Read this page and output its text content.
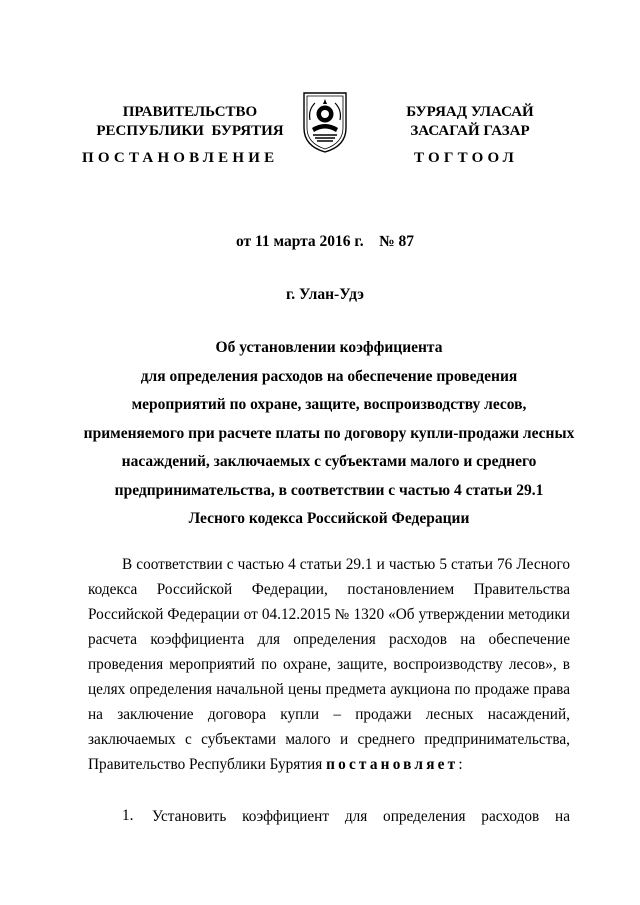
ПРАВИТЕЛЬСТВО
РЕСПУБЛИКИ  БУРЯТИЯ
БУРЯАД УЛАСАЙ
ЗАСАГАЙ ГАЗАР
ПОСТАНОВЛЕНИЕ	ТОГТООЛ
от 11 марта 2016 г.    № 87
г. Улан-Удэ
Об установлении коэффициента
для определения расходов на обеспечение проведения
мероприятий по охране, защите, воспроизводству лесов,
применяемого при расчете платы по договору купли-продажи лесных
насаждений, заключаемых с субъектами малого и среднего
предпринимательства, в соответствии с частью 4 статьи 29.1
Лесного кодекса Российской Федерации
В соответствии с частью 4 статьи 29.1 и частью 5 статьи 76 Лесного
кодекса Российской Федерации, постановлением Правительства
Российской Федерации от 04.12.2015 № 1320 «Об утверждении методики
расчета коэффициента для определения расходов на обеспечение
проведения мероприятий по охране, защите, воспроизводству лесов», в
целях определения начальной цены предмета аукциона по продаже права
на заключение договора купли – продажи лесных насаждений,
заключаемых с субъектами малого и среднего предпринимательства,
Правительство Республики Бурятия постановляет:
1. Установить коэффициент для определения расходов на
